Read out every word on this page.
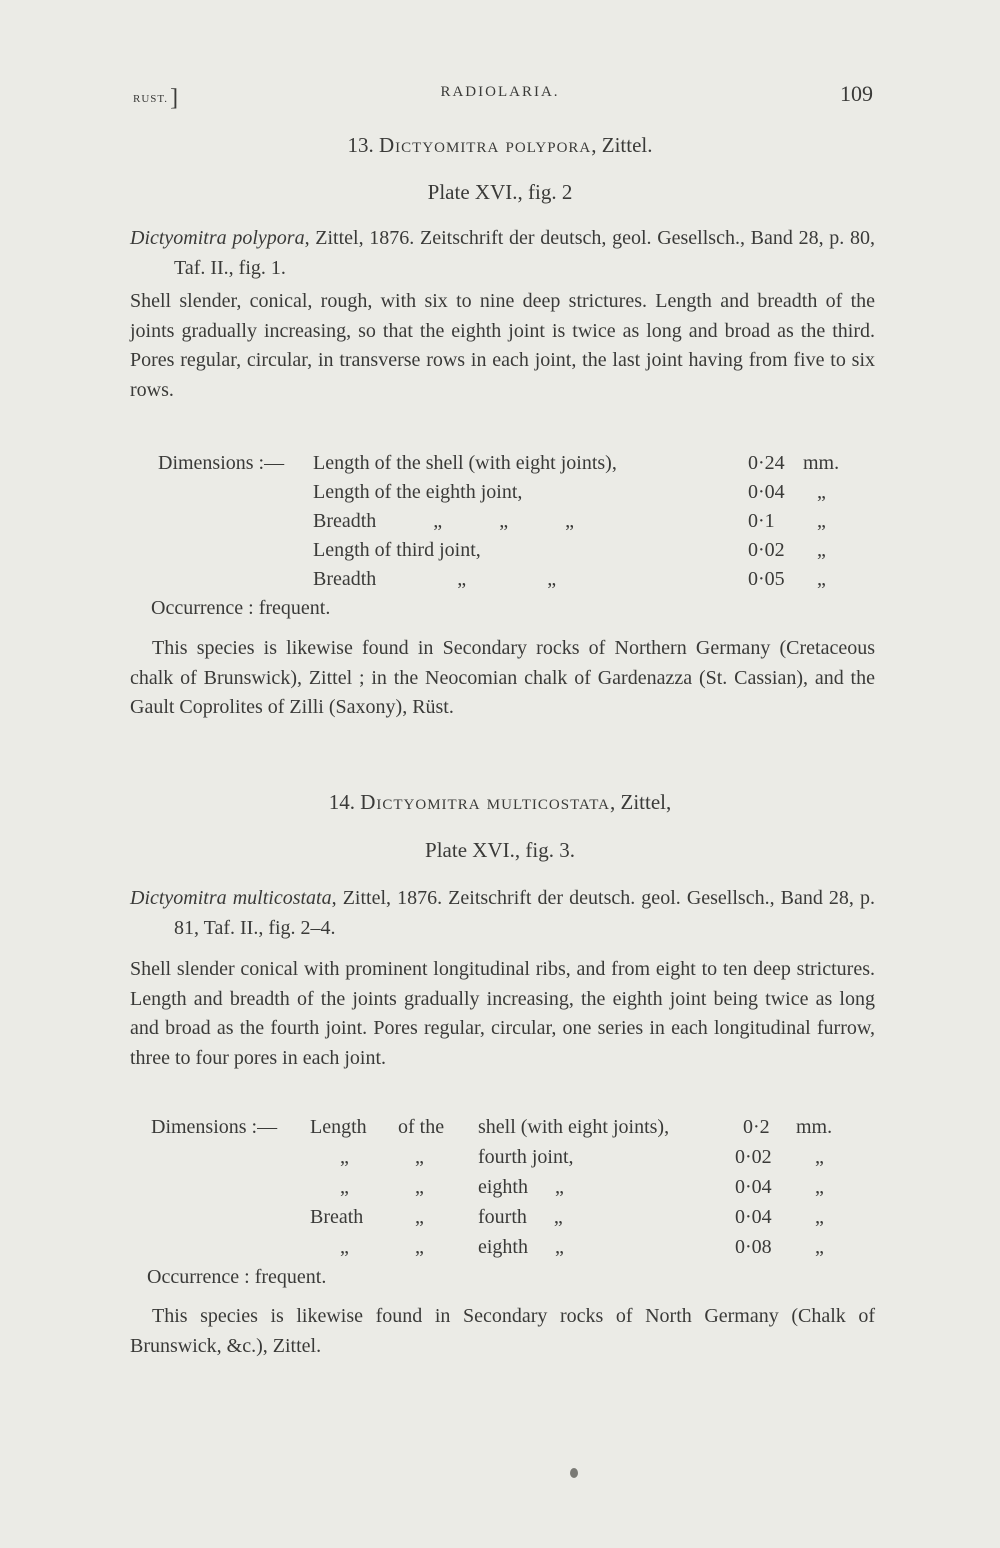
RUST.]	RADIOLARIA.	109
13. Dictyomitra polypora, Zittel.
Plate XVI., fig. 2
Dictyomitra polypora, Zittel, 1876. Zeitschrift der deutsch, geol. Gesellsch., Band 28, p. 80, Taf. II., fig. 1.
Shell slender, conical, rough, with six to nine deep strictures. Length and breadth of the joints gradually increasing, so that the eighth joint is twice as long and broad as the third. Pores regular, circular, in transverse rows in each joint, the last joint having from five to six rows.
Dimensions :— Length of the shell (with eight joints),	0·24 mm.
Length of the eighth joint,	0·04 „
Breadth „ „ „	0·1 „
Length of third joint,	0·02 „
Breadth „ „	0·05 „
Occurrence : frequent.
This species is likewise found in Secondary rocks of Northern Germany (Cretaceous chalk of Brunswick), Zittel ; in the Neocomian chalk of Gardenazza (St. Cassian), and the Gault Coprolites of Zilli (Saxony), Rüst.
14. Dictyomitra multicostata, Zittel,
Plate XVI., fig. 3.
Dictyomitra multicostata, Zittel, 1876. Zeitschrift der deutsch. geol. Gesellsch., Band 28, p. 81, Taf. II., fig. 2–4.
Shell slender conical with prominent longitudinal ribs, and from eight to ten deep strictures. Length and breadth of the joints gradually increasing, the eighth joint being twice as long and broad as the fourth joint. Pores regular, circular, one series in each longitudinal furrow, three to four pores in each joint.
Dimensions :— Length of the shell (with eight joints),	0·2 mm.
„	„	fourth joint,	0·02 „
„	„	eighth „	0·04 „
Breath	„	fourth „	0·04 „
„	„	eighth „	0·08 „
Occurrence : frequent.
This species is likewise found in Secondary rocks of North Germany (Chalk of Brunswick, &c.), Zittel.
